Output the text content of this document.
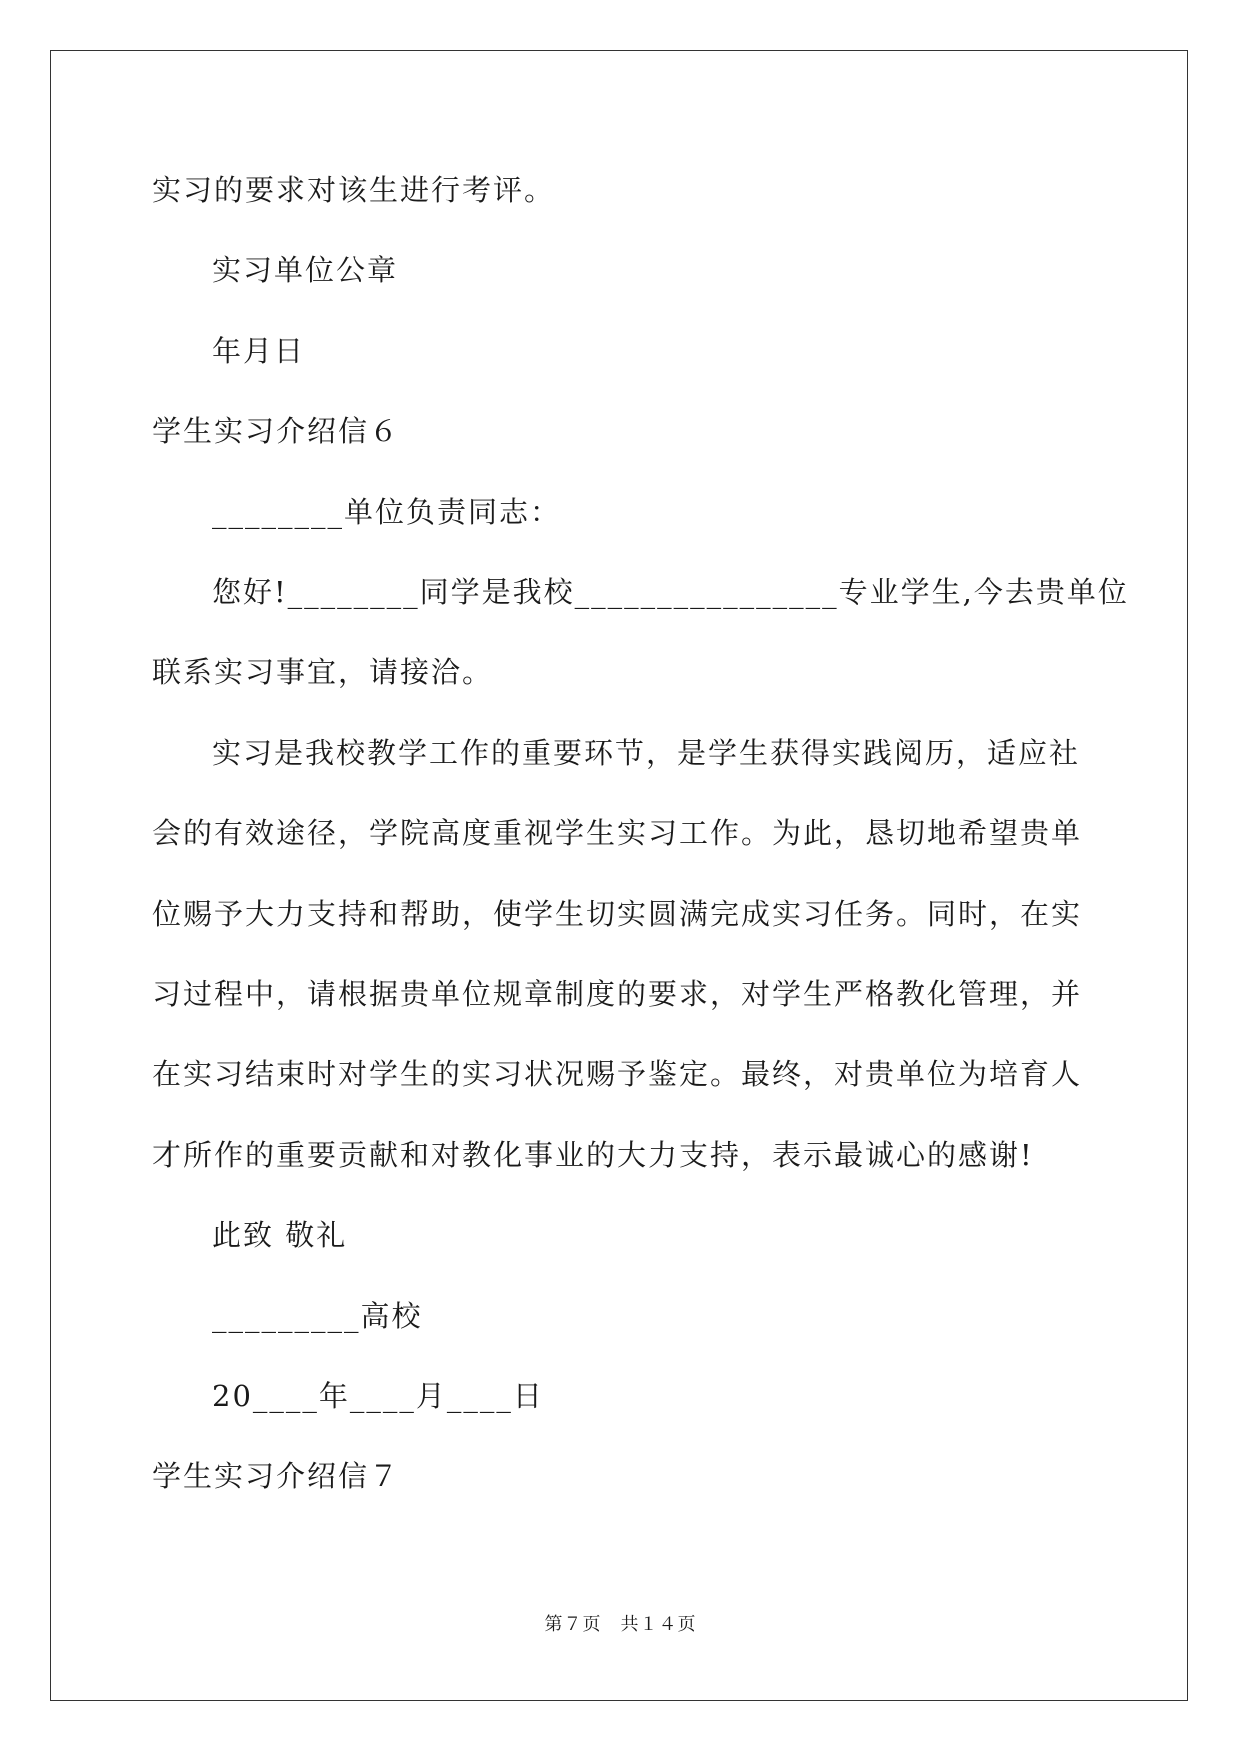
实习的要求对该生进行考评。
实习单位公章
年月日
学生实习介绍信６
________单位负责同志：
您好!________同学是我校________________专业学生,今去贵单位
联系实习事宜，请接洽。
实习是我校教学工作的重要环节，是学生获得实践阅历，适应社
会的有效途径，学院高度重视学生实习工作。为此，恳切地希望贵单
位赐予大力支持和帮助，使学生切实圆满完成实习任务。同时，在实
习过程中，请根据贵单位规章制度的要求，对学生严格教化管理，并
在实习结束时对学生的实习状况赐予鉴定。最终，对贵单位为培育人
才所作的重要贡献和对教化事业的大力支持，表示最诚心的感谢!
此致 敬礼
_________高校
20____年____月____日
学生实习介绍信７
第７页　共１４页
